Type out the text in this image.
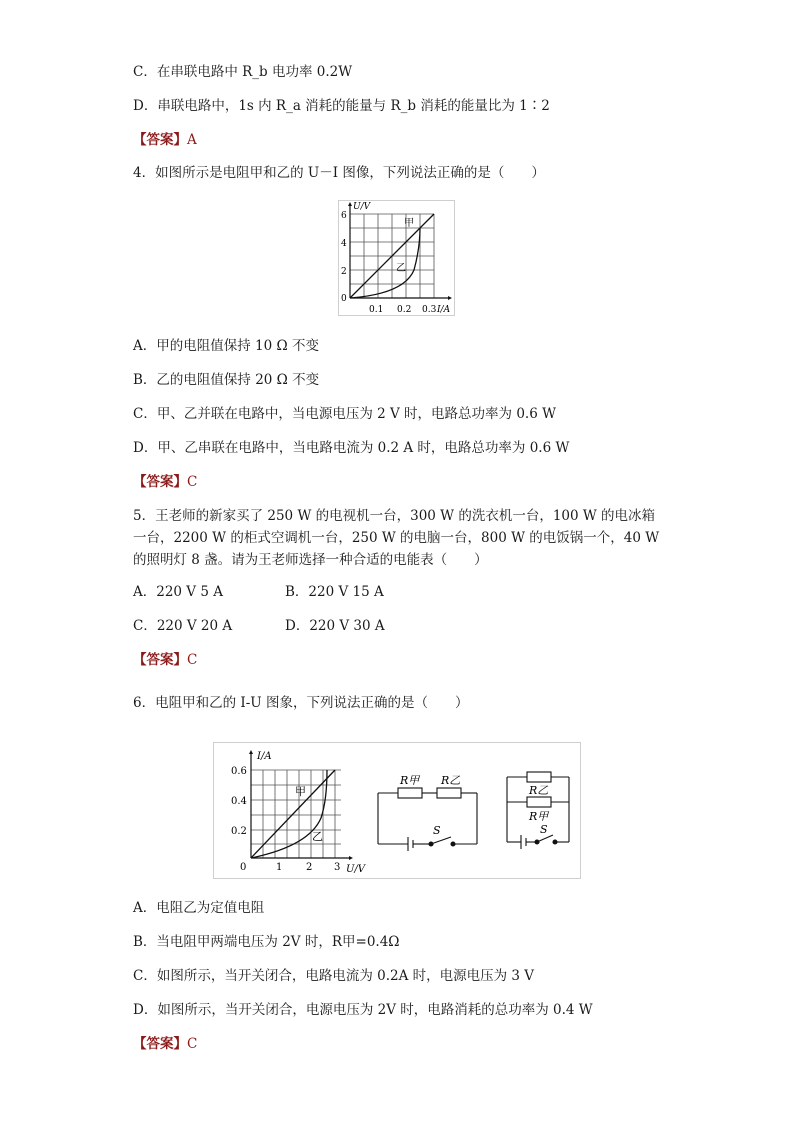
C．在串联电路中 R_b 电功率 0.2W
D．串联电路中，1s 内 R_a 消耗的能量与 R_b 消耗的能量比为 1∶2
【答案】A
4．如图所示是电阻甲和乙的 U－I 图像，下列说法正确的是（　　）
U/V
6
4
2
0
0.1 0.2 0.3 I/A
甲
乙
A．甲的电阻值保持 10 Ω 不变
B．乙的电阻值保持 20 Ω 不变
C．甲、乙并联在电路中，当电源电压为 2 V 时，电路总功率为 0.6 W
D．甲、乙串联在电路中，当电路电流为 0.2 A 时，电路总功率为 0.6 W
【答案】C
5．王老师的新家买了 250 W 的电视机一台，300 W 的洗衣机一台，100 W 的电冰箱一台，2200 W 的柜式空调机一台，250 W 的电脑一台，800 W 的电饭锅一个，40 W 的照明灯 8 盏。请为王老师选择一种合适的电能表（　　）
A．220 V 5 A	B．220 V 15 A
C．220 V 20 A	D．220 V 30 A
【答案】C
6．电阻甲和乙的 I-U 图象，下列说法正确的是（　　）
I/A
0.6
0.4
0.2
0	1 2 3 U/V
甲
乙
R甲 R乙
S
R乙
R甲
S
A．电阻乙为定值电阻
B．当电阻甲两端电压为 2V 时，R甲=0.4Ω
C．如图所示，当开关闭合，电路电流为 0.2A 时，电源电压为 3 V
D．如图所示，当开关闭合，电源电压为 2V 时，电路消耗的总功率为 0.4 W
【答案】C
